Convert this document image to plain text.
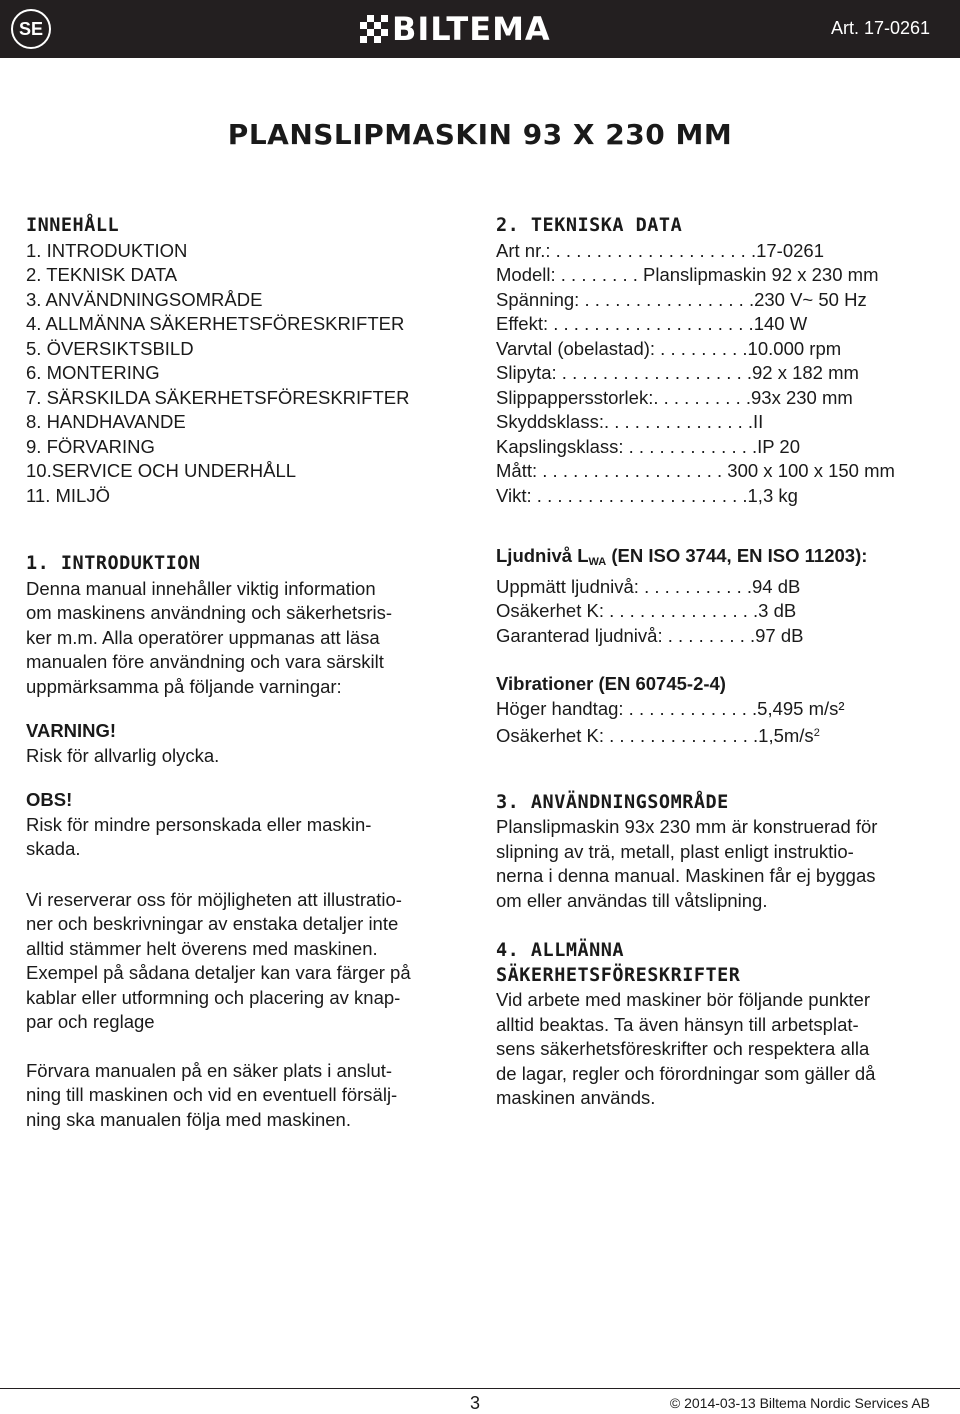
SE	BILTEMA	Art. 17-0261
PLANSLIPMASKIN 93 X 230 MM
INNEHÅLL
1. INTRODUKTION
2. TEKNISK DATA
3. ANVÄNDNINGSOMRÅDE
4. ALLMÄNNA SÄKERHETSFÖRESKRIFTER
5. ÖVERSIKTSBILD
6. MONTERING
7. SÄRSKILDA SÄKERHETSFÖRESKRIFTER
8. HANDHAVANDE
9. FÖRVARING
10.SERVICE OCH UNDERHÅLL
11. MILJÖ
1. INTRODUKTION

Denna manual innehåller viktig information

om maskinens användning och säkerhetsris-

ker m.m. Alla operatörer uppmanas att läsa

manualen före användning och vara särskilt

uppmärksamma på följande varningar:

VARNING!

Risk för allvarlig olycka.

OBS!

Risk för mindre personskada eller maskin-

skada.

Vi reserverar oss för möjligheten att illustratio-

ner och beskrivningar av enstaka detaljer inte

alltid stämmer helt överens med maskinen.

Exempel på sådana detaljer kan vara färger på

kablar eller utformning och placering av knap-

par och reglage

Förvara manualen på en säker plats i anslut-

ning till maskinen och vid en eventuell försälj-

ning ska manualen följa med maskinen.

2. TEKNISKA DATA
Art nr.: . . . . . . . . . . . . . . . . . . . .17-0261
Modell: . . . . . . . . Planslipmaskin 92 x 230 mm
Spänning: . . . . . . . . . . . . . . . . .230 V~ 50 Hz
Effekt: . . . . . . . . . . . . . . . . . . . .140 W
Varvtal (obelastad): . . . . . . . . .10.000 rpm
Slipyta: . . . . . . . . . . . . . . . . . . .92 x 182 mm
Slippappersstorlek:. . . . . . . . . .93x 230 mm
Skyddsklass:. . . . . . . . . . . . . . .II
Kapslingsklass: . . . . . . . . . . . . .IP 20
Mått: . . . . . . . . . . . . . . . . . . 300 x 100 x 150 mm
Vikt: . . . . . . . . . . . . . . . . . . . . .1,3 kg

Ljudnivå $L_{WA}$ (EN ISO 3744, EN ISO 11203):

Uppmätt ljudnivå: . . . . . . . . . . .94 dB
Osäkerhet K: . . . . . . . . . . . . . . .3 dB
Garanterad ljudnivå: . . . . . . . . .97 dB

Vibrationer (EN 60745-2-4)

Höger handtag: . . . . . . . . . . . . .5,495 m/s²
Osäkerhet K: . . . . . . . . . . . . . . $.1,5m/s^2$
3. ANVÄNDNINGSOMRÅDE

Planslipmaskin 93x 230 mm är konstruerad för

slipning av trä, metall, plast enligt instruktio-

nerna i denna manual. Maskinen får ej byggas

om eller användas till våtslipning.

4. ALLMÄNNA
SÄKERHETSFÖRESKRIFTER

Vid arbete med maskiner bör följande punkter

alltid beaktas. Ta även hänsyn till arbetsplat-

sens säkerhetsföreskrifter och respektera alla

de lagar, regler och förordningar som gäller då

maskinen används.

3	© 2014-03-13 Biltema Nordic Services AB
